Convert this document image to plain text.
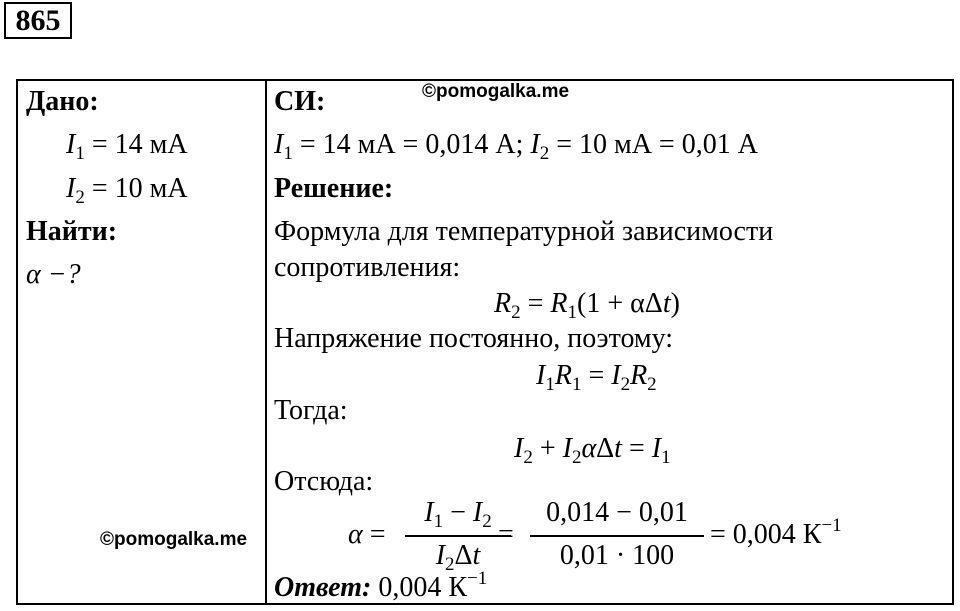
865
Дано:
$I_1 = 14$ мА
$I_2 = 10$ мА
Найти:
α −?
©pomogalka.me
СИ:	©pomogalka.me
$I_1 = 14$ мА = 0,014 А; $I_2 = 10$ мА = 0,01 А
Решение:
Формула для температурной зависимости
сопротивления:
$R_2 = R_1(1 + \alpha\Delta t)$
Напряжение постоянно, поэтому:
$I_1R_1 = I_2R_2$
Тогда:
$I_2 + I_2\alpha\Delta t = I_1$
Отсюда:
α =
$I_1 - I_2$
$I_2\Delta t$
=
0,014 − 0,01
0,01 · 100
= 0,004 $К^{-1}$
Ответ: 0,004 $К^{-1}$
